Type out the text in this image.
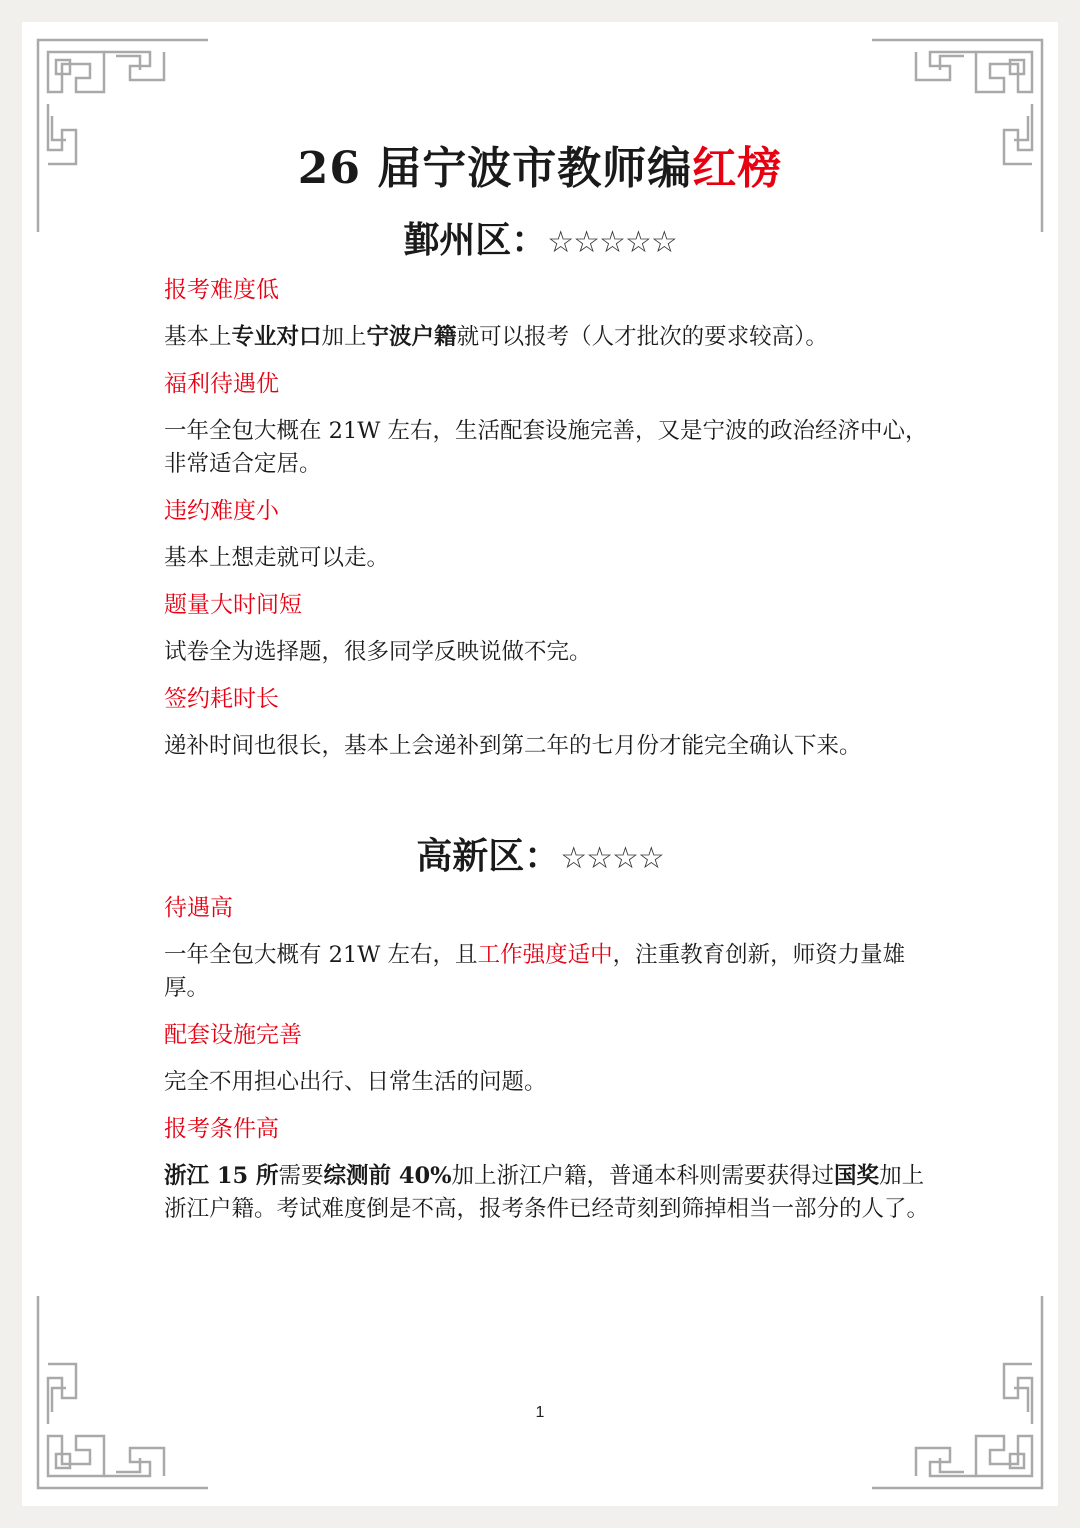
26 届宁波市教师编红榜
鄞州区：☆☆☆☆☆

报考难度低

基本上专业对口加上宁波户籍就可以报考（人才批次的要求较高）。

福利待遇优

一年全包大概在 21W 左右，生活配套设施完善，又是宁波的政治经济中心，非常适合定居。

违约难度小

基本上想走就可以走。

题量大时间短

试卷全为选择题，很多同学反映说做不完。

签约耗时长

递补时间也很长，基本上会递补到第二年的七月份才能完全确认下来。

高新区：☆☆☆☆

待遇高

一年全包大概有 21W 左右，且工作强度适中，注重教育创新，师资力量雄厚。

配套设施完善

完全不用担心出行、日常生活的问题。

报考条件高

浙江 15 所需要综测前 40%加上浙江户籍，普通本科则需要获得过国奖加上浙江户籍。考试难度倒是不高，报考条件已经苛刻到筛掉相当一部分的人了。

1
